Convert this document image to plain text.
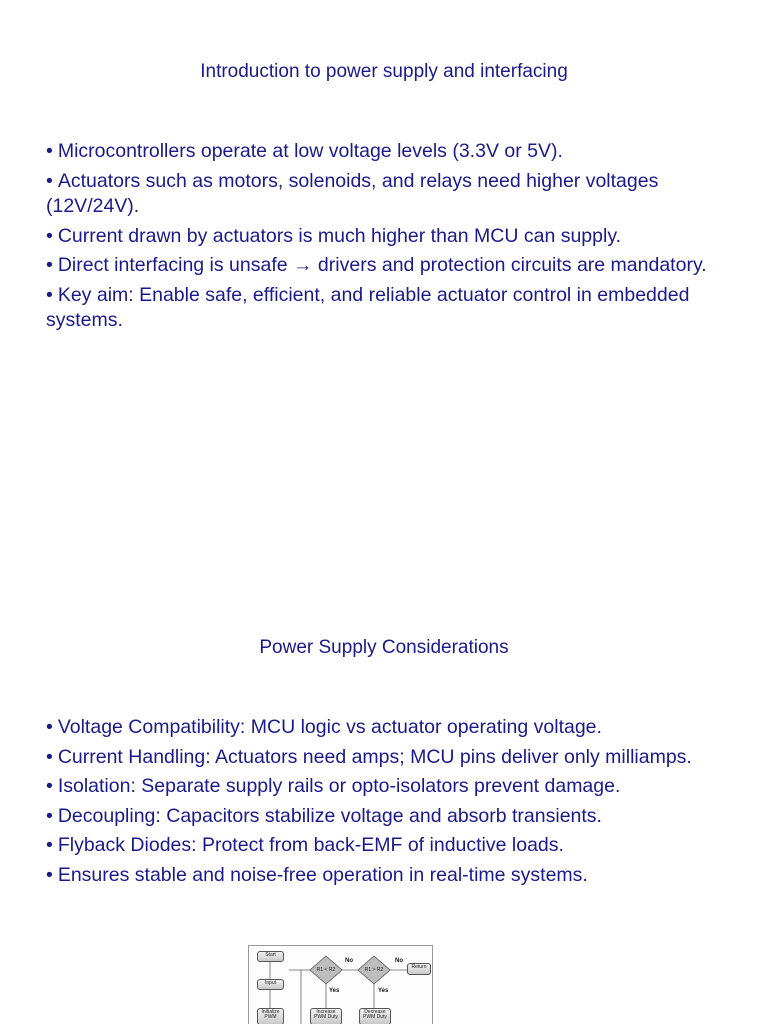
Introduction to power supply and interfacing
• Microcontrollers operate at low voltage levels (3.3V or 5V).
• Actuators such as motors, solenoids, and relays need higher voltages (12V/24V).
• Current drawn by actuators is much higher than MCU can supply.
• Direct interfacing is unsafe → drivers and protection circuits are mandatory.
• Key aim: Enable safe, efficient, and reliable actuator control in embedded systems.
Power Supply Considerations
• Voltage Compatibility: MCU logic vs actuator operating voltage.
• Current Handling: Actuators need amps; MCU pins deliver only milliamps.
• Isolation: Separate supply rails or opto-isolators prevent damage.
• Decoupling: Capacitors stabilize voltage and absorb transients.
• Flyback Diodes: Protect from back-EMF of inductive loads.
• Ensures stable and noise-free operation in real-time systems.
Start
Input
Initialize PWM
R1 < R2	R1 > R2
No	No
Yes	Yes
Return
Increase PWM Duty
Decrease PWM Duty
